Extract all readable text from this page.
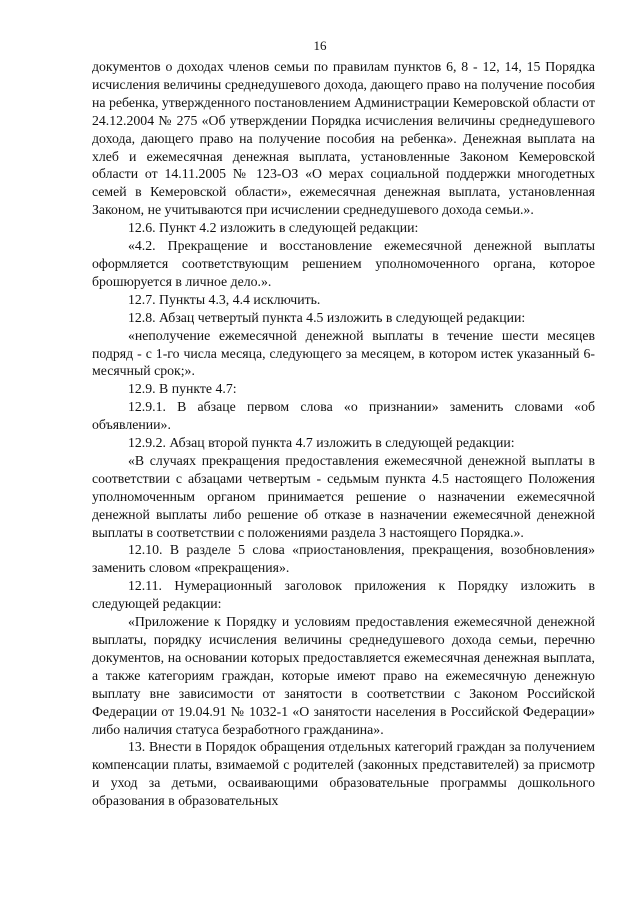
16

документов о доходах членов семьи по правилам пунктов 6, 8 - 12, 14, 15 Порядка исчисления величины среднедушевого дохода, дающего право на получение пособия на ребенка, утвержденного постановлением Администрации Кемеровской области от 24.12.2004 № 275 «Об утверждении Порядка исчисления величины среднедушевого дохода, дающего право на получение пособия на ребенка». Денежная выплата на хлеб и ежемесячная денежная выплата, установленные Законом Кемеровской области от 14.11.2005 № 123-ОЗ «О мерах социальной поддержки многодетных семей в Кемеровской области», ежемесячная денежная выплата, установленная Законом, не учитываются при исчислении среднедушевого дохода семьи.».

12.6. Пункт 4.2 изложить в следующей редакции:

«4.2. Прекращение и восстановление ежемесячной денежной выплаты оформляется соответствующим решением уполномоченного органа, которое брошюруется в личное дело.».

12.7. Пункты 4.3, 4.4 исключить.

12.8. Абзац четвертый пункта 4.5 изложить в следующей редакции:

«неполучение ежемесячной денежной выплаты в течение шести месяцев подряд - с 1-го числа месяца, следующего за месяцем, в котором истек указанный 6-месячный срок;».

12.9. В пункте 4.7:

12.9.1. В абзаце первом слова «о признании» заменить словами «об объявлении».

12.9.2. Абзац второй пункта 4.7 изложить в следующей редакции:

«В случаях прекращения предоставления ежемесячной денежной выплаты в соответствии с абзацами четвертым - седьмым пункта 4.5 настоящего Положения уполномоченным органом принимается решение о назначении ежемесячной денежной выплаты либо решение об отказе в назначении ежемесячной денежной выплаты в соответствии с положениями раздела 3 настоящего Порядка.».

12.10. В разделе 5 слова «приостановления, прекращения, возобновления» заменить словом «прекращения».

12.11. Нумерационный заголовок приложения к Порядку изложить в следующей редакции:

«Приложение к Порядку и условиям предоставления ежемесячной денежной выплаты, порядку исчисления величины среднедушевого дохода семьи, перечню документов, на основании которых предоставляется ежемесячная денежная выплата, а также категориям граждан, которые имеют право на ежемесячную денежную выплату вне зависимости от занятости в соответствии с Законом Российской Федерации от 19.04.91 № 1032-1 «О занятости населения в Российской Федерации» либо наличия статуса безработного гражданина».

13. Внести в Порядок обращения отдельных категорий граждан за получением компенсации платы, взимаемой с родителей (законных представителей) за присмотр и уход за детьми, осваивающими образовательные программы дошкольного образования в образовательных
